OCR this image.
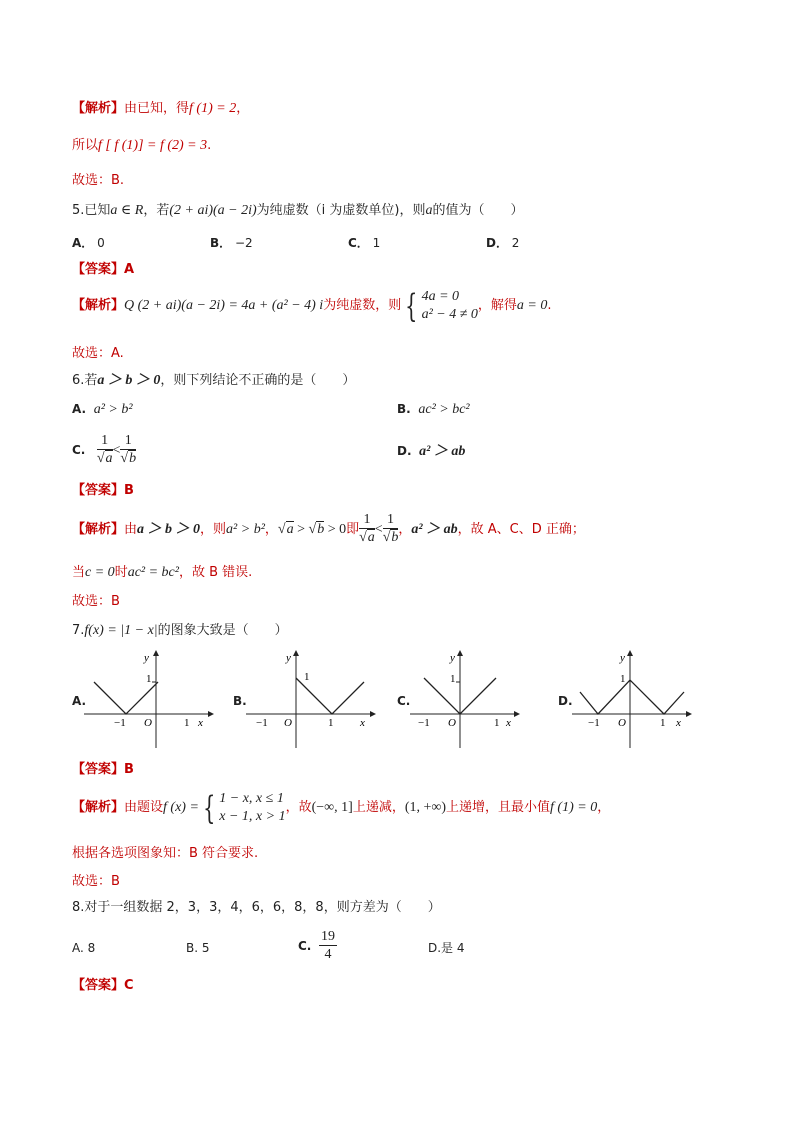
【解析】由已知，得f (1) = 2，
所以f [ f (1)] = f (2) = 3.
故选：B.
5.已知a ∈ R，若(2 + ai)(a − 2i)为纯虚数（i 为虚数单位)，则a的值为（　　）
A． 0	B． −2	C． 1	D． 2
【答案】A
【解析】Q (2 + ai)(a − 2i) = 4a + (a² − 4) i为纯虚数，则 { 4a = 0
a² − 4 ≠ 0
，解得a = 0.
故选：A.
6.若a ＞ b ＞ 0，则下列结论不正确的是（　　）
A. a² > b²	B. ac² > bc²
C. $\frac{1}{√a} < \frac{1}{√b}$	D. a² ＞ ab
【答案】B
【解析】由a ＞ b ＞ 0，则a² > b²，√a > √b > 0即 $\frac{1}{√a} < \frac{1}{√b}$ ，a² ＞ ab，故 A、C、D 正确；
当c = 0时ac² = bc²，故 B 错误.
故选：B
7.f(x) = |1 − x|的图象大致是（　　）
A.	B.	C.	D.
y
1
−1 O	1 x
y
1
−1 O	1 x
y
1
−1 O	1 x
y
1
−1 O	1 x
【答案】B
【解析】由题设f (x) = { 1 − x, x ≤ 1
x − 1, x > 1
，故(−∞, 1]上递减，(1, +∞)上递增，且最小值f (1) = 0，
根据各选项图象知：B 符合要求.
故选：B
8.对于一组数据 2，3，3，4，6，6，8，8，则方差为（　　）
A. 8	B. 5	C. $\frac{19}{4}$	D.是 4
【答案】C
